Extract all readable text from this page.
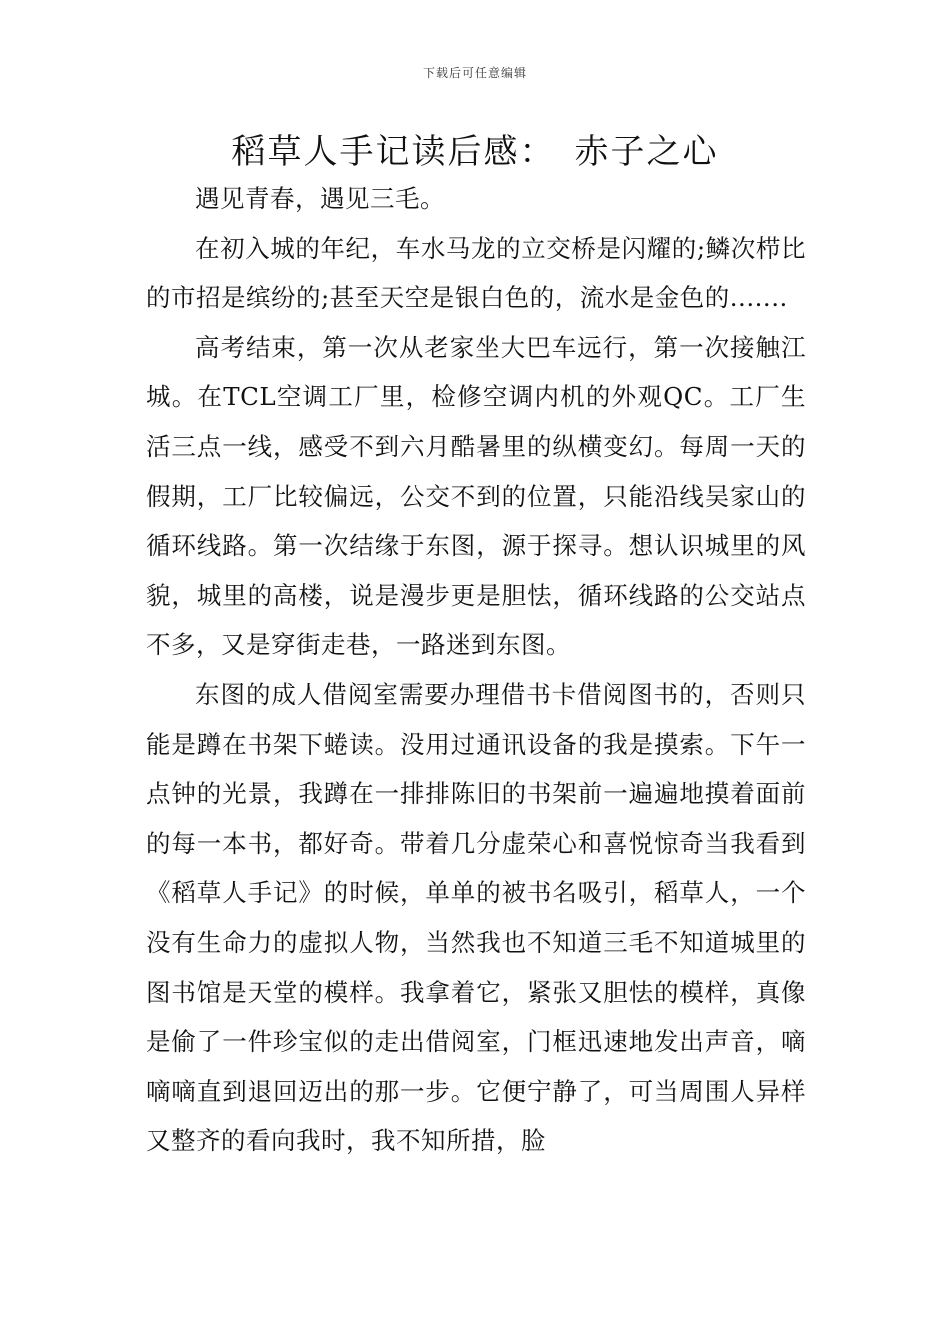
下载后可任意编辑
稻草人手记读后感：　赤子之心

遇见青春，遇见三毛。

在初入城的年纪，车水马龙的立交桥是闪耀的;鳞次栉比的市招是缤纷的;甚至天空是银白色的，流水是金色的.......

高考结束，第一次从老家坐大巴车远行，第一次接触江城。在TCL空调工厂里，检修空调内机的外观QC。工厂生活三点一线，感受不到六月酷暑里的纵横变幻。每周一天的假期，工厂比较偏远，公交不到的位置，只能沿线吴家山的循环线路。第一次结缘于东图，源于探寻。想认识城里的风貌，城里的高楼，说是漫步更是胆怯，循环线路的公交站点不多，又是穿街走巷，一路迷到东图。

东图的成人借阅室需要办理借书卡借阅图书的，否则只能是蹲在书架下蜷读。没用过通讯设备的我是摸索。下午一点钟的光景，我蹲在一排排陈旧的书架前一遍遍地摸着面前的每一本书，都好奇。带着几分虚荣心和喜悦惊奇当我看到《稻草人手记》的时候，单单的被书名吸引，稻草人，一个没有生命力的虚拟人物，当然我也不知道三毛不知道城里的图书馆是天堂的模样。我拿着它，紧张又胆怯的模样，真像是偷了一件珍宝似的走出借阅室，门框迅速地发出声音，嘀嘀嘀直到退回迈出的那一步。它便宁静了，可当周围人异样又整齐的看向我时，我不知所措，脸
